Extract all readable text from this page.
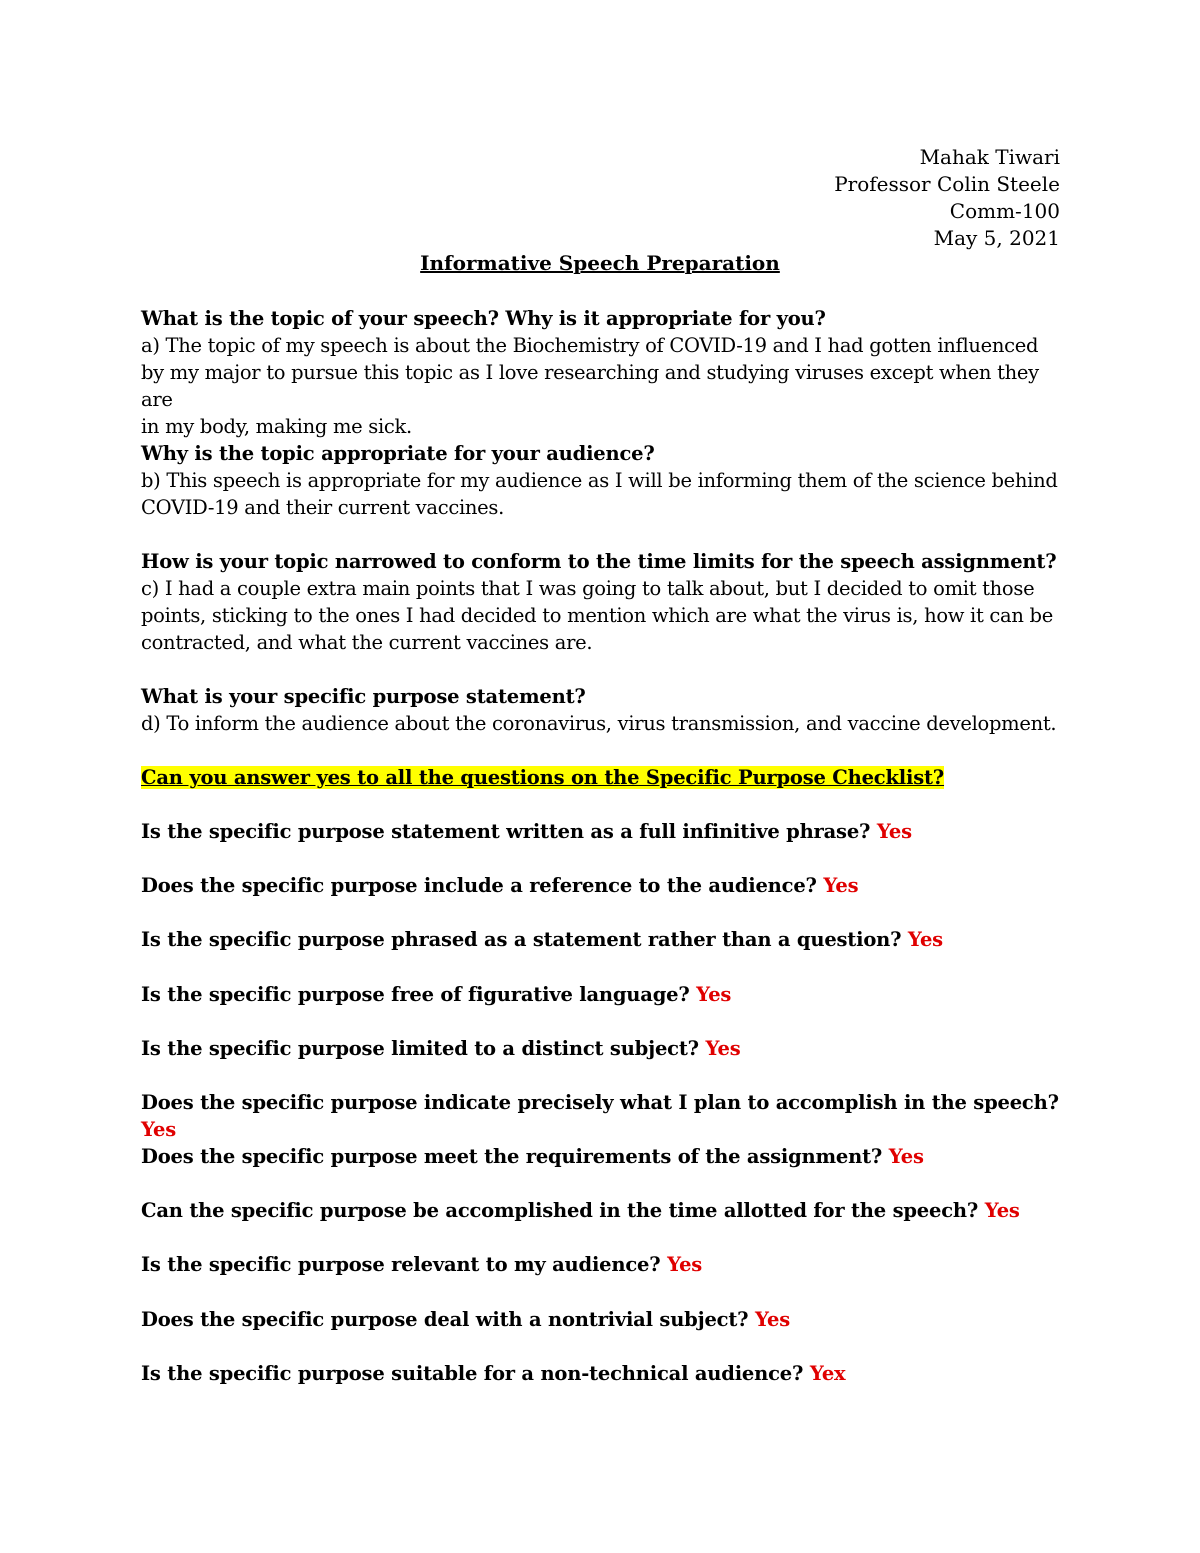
Mahak Tiwari
Professor Colin Steele
Comm-100
May 5, 2021
Informative Speech Preparation
What is the topic of your speech? Why is it appropriate for you?
a) The topic of my speech is about the Biochemistry of COVID-19 and I had gotten influenced
by my major to pursue this topic as I love researching and studying viruses except when they are
in my body, making me sick.
Why is the topic appropriate for your audience?
b) This speech is appropriate for my audience as I will be informing them of the science behind
COVID-19 and their current vaccines.
How is your topic narrowed to conform to the time limits for the speech assignment?
c) I had a couple extra main points that I was going to talk about, but I decided to omit those
points, sticking to the ones I had decided to mention which are what the virus is, how it can be
contracted, and what the current vaccines are.
What is your specific purpose statement?
d) To inform the audience about the coronavirus, virus transmission, and vaccine development.
Can you answer yes to all the questions on the Specific Purpose Checklist?
Is the specific purpose statement written as a full infinitive phrase? Yes
Does the specific purpose include a reference to the audience? Yes
Is the specific purpose phrased as a statement rather than a question? Yes
Is the specific purpose free of figurative language? Yes
Is the specific purpose limited to a distinct subject? Yes
Does the specific purpose indicate precisely what I plan to accomplish in the speech? Yes
Does the specific purpose meet the requirements of the assignment? Yes
Can the specific purpose be accomplished in the time allotted for the speech? Yes
Is the specific purpose relevant to my audience? Yes
Does the specific purpose deal with a nontrivial subject? Yes
Is the specific purpose suitable for a non-technical audience? Yex
